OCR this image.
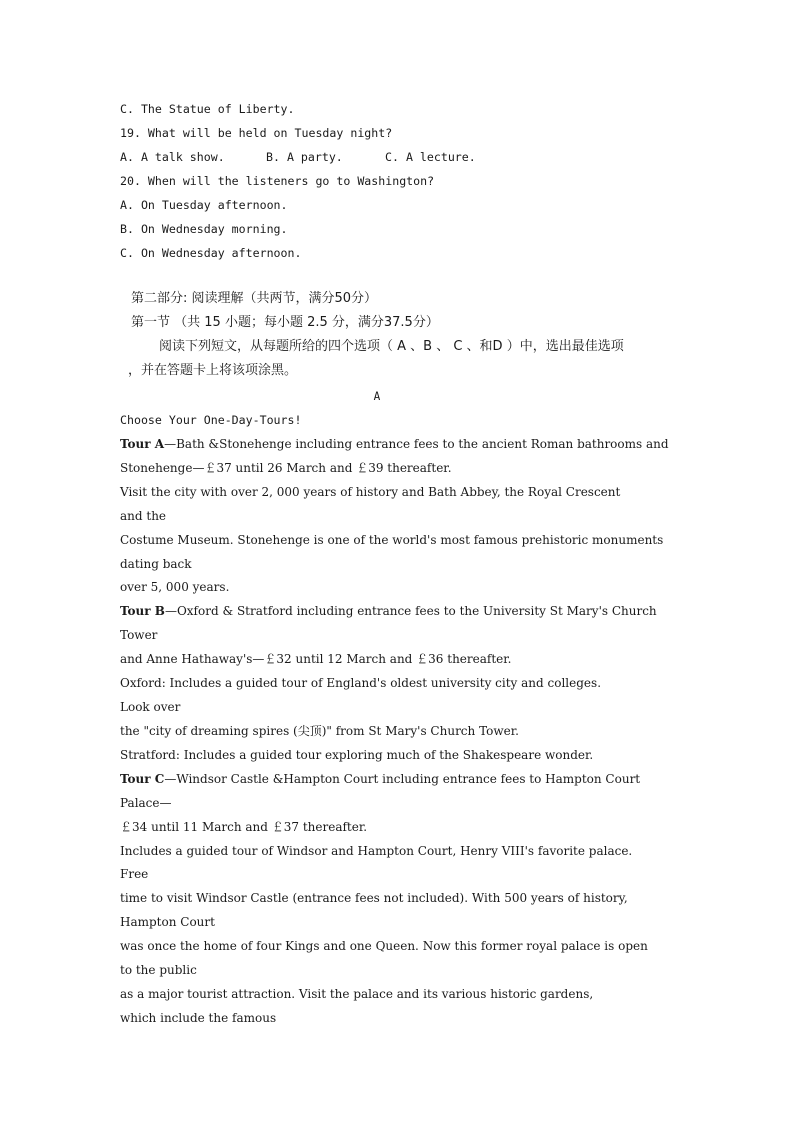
C. The Statue of Liberty.
19. What will be held on Tuesday night?
A. A talk show.	B. A party.	C. A lecture.
20. When will the listeners go to Washington?
A. On Tuesday afternoon.
B. On Wednesday morning.
C. On Wednesday afternoon.
第二部分: 阅读理解（共两节，满分50分）
第一节 （共 15 小题；每小题 2.5 分，满分37.5分）
阅读下列短文，从每题所给的四个选项（ A 、B 、 C 、和D ）中，选出最佳选项
，并在答题卡上将该项涂黑。
A
Choose Your One-Day-Tours!
Tour A—Bath &Stonehenge including entrance fees to the ancient Roman bathrooms and
Stonehenge—￡37 until 26 March and ￡39 thereafter.
Visit the city with over 2, 000 years of history and Bath Abbey, the Royal Crescent
and the
Costume Museum. Stonehenge is one of the world's most famous prehistoric monuments
dating back
over 5, 000 years.
Tour B—Oxford & Stratford including entrance fees to the University St Mary's Church
Tower
and Anne Hathaway's—￡32 until 12 March and ￡36 thereafter.
Oxford: Includes a guided tour of England's oldest university city and colleges.
Look over
the "city of dreaming spires (尖顶)" from St Mary's Church Tower.
Stratford: Includes a guided tour exploring much of the Shakespeare wonder.
Tour C—Windsor Castle &Hampton Court including entrance fees to Hampton Court
Palace—
￡34 until 11 March and ￡37 thereafter.
Includes a guided tour of Windsor and Hampton Court, Henry VIII's favorite palace.
Free
time to visit Windsor Castle (entrance fees not included). With 500 years of history,
Hampton Court
was once the home of four Kings and one Queen. Now this former royal palace is open
to the public
as a major tourist attraction. Visit the palace and its various historic gardens,
which include the famous
